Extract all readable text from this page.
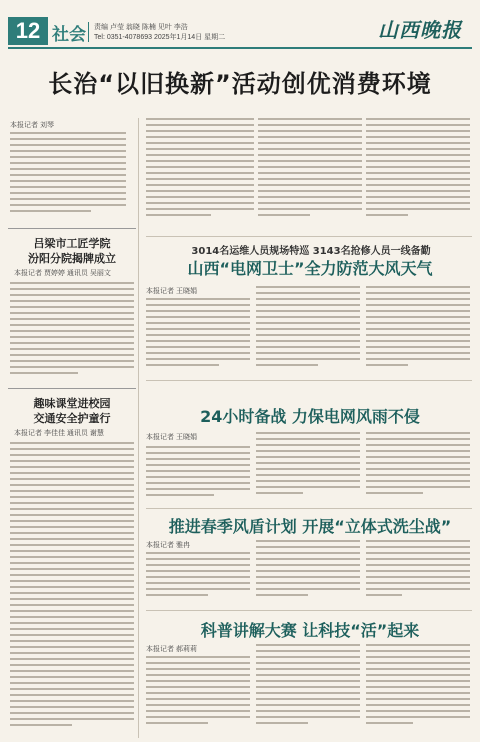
12 社会 责编 卢莹 翁晓 陈楠 见叶 李浩
Tel: 0351-4078693 2025年1月14日 星期二	山西晚报
长治“以旧换新”活动创优消费环境
本报记者 刘琴
吕梁市工匠学院
汾阳分院揭牌成立
本报记者 贾婷婷 通讯员 吴丽文
趣味课堂进校园
交通安全护童行
本报记者 李佳佳 通讯员 谢慧
3014名运维人员规场特巡 3143名抢修人员一线备勤
山西“电网卫士”全力防范大风天气
本报记者 王晓娟
24小时备战 力保电网风雨不侵
本报记者 王晓娟
推进春季风盾计划 开展“立体式洗尘战”
本报记者 雅冉
科普讲解大赛 让科技“活”起来
本报记者 郝莉莉
